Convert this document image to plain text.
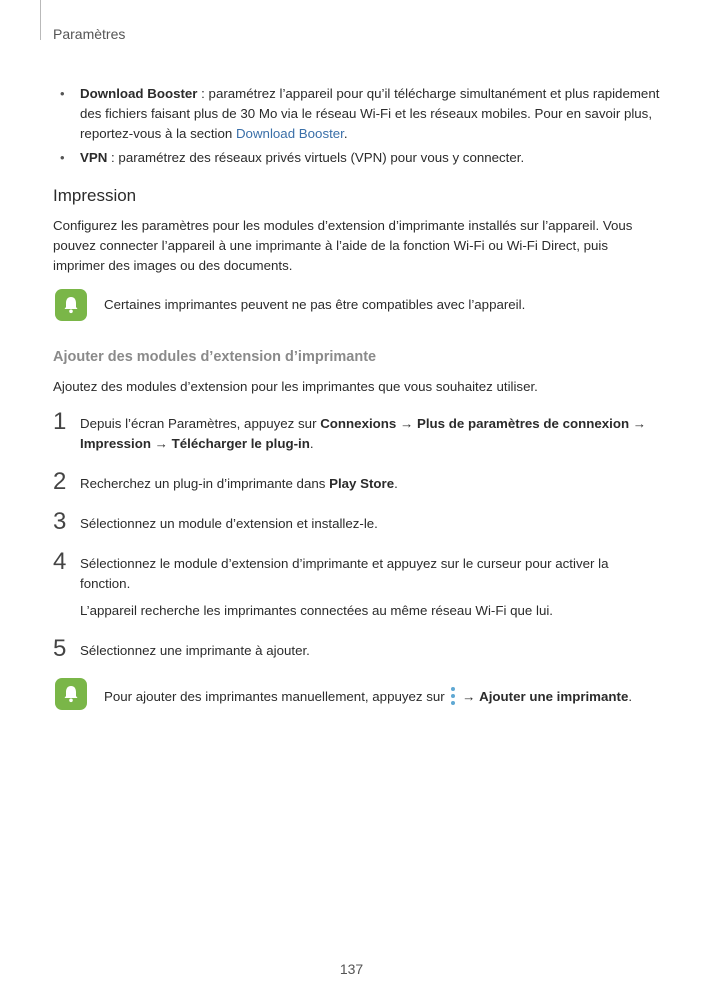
Paramètres
• Download Booster : paramétrez l’appareil pour qu’il télécharge simultanément et plus rapidement des fichiers faisant plus de 30 Mo via le réseau Wi-Fi et les réseaux mobiles. Pour en savoir plus, reportez-vous à la section Download Booster.
• VPN : paramétrez des réseaux privés virtuels (VPN) pour vous y connecter.
Impression
Configurez les paramètres pour les modules d’extension d’imprimante installés sur l’appareil. Vous pouvez connecter l’appareil à une imprimante à l’aide de la fonction Wi-Fi ou Wi-Fi Direct, puis imprimer des images ou des documents.
Certaines imprimantes peuvent ne pas être compatibles avec l’appareil.
Ajouter des modules d’extension d’imprimante
Ajoutez des modules d’extension pour les imprimantes que vous souhaitez utiliser.
1 Depuis l’écran Paramètres, appuyez sur Connexions → Plus de paramètres de connexion → Impression → Télécharger le plug-in.
2 Recherchez un plug-in d’imprimante dans Play Store.
3 Sélectionnez un module d’extension et installez-le.
4 Sélectionnez le module d’extension d’imprimante et appuyez sur le curseur pour activer la fonction.
L’appareil recherche les imprimantes connectées au même réseau Wi-Fi que lui.
5 Sélectionnez une imprimante à ajouter.
Pour ajouter des imprimantes manuellement, appuyez sur
→ Ajouter une imprimante.
137
